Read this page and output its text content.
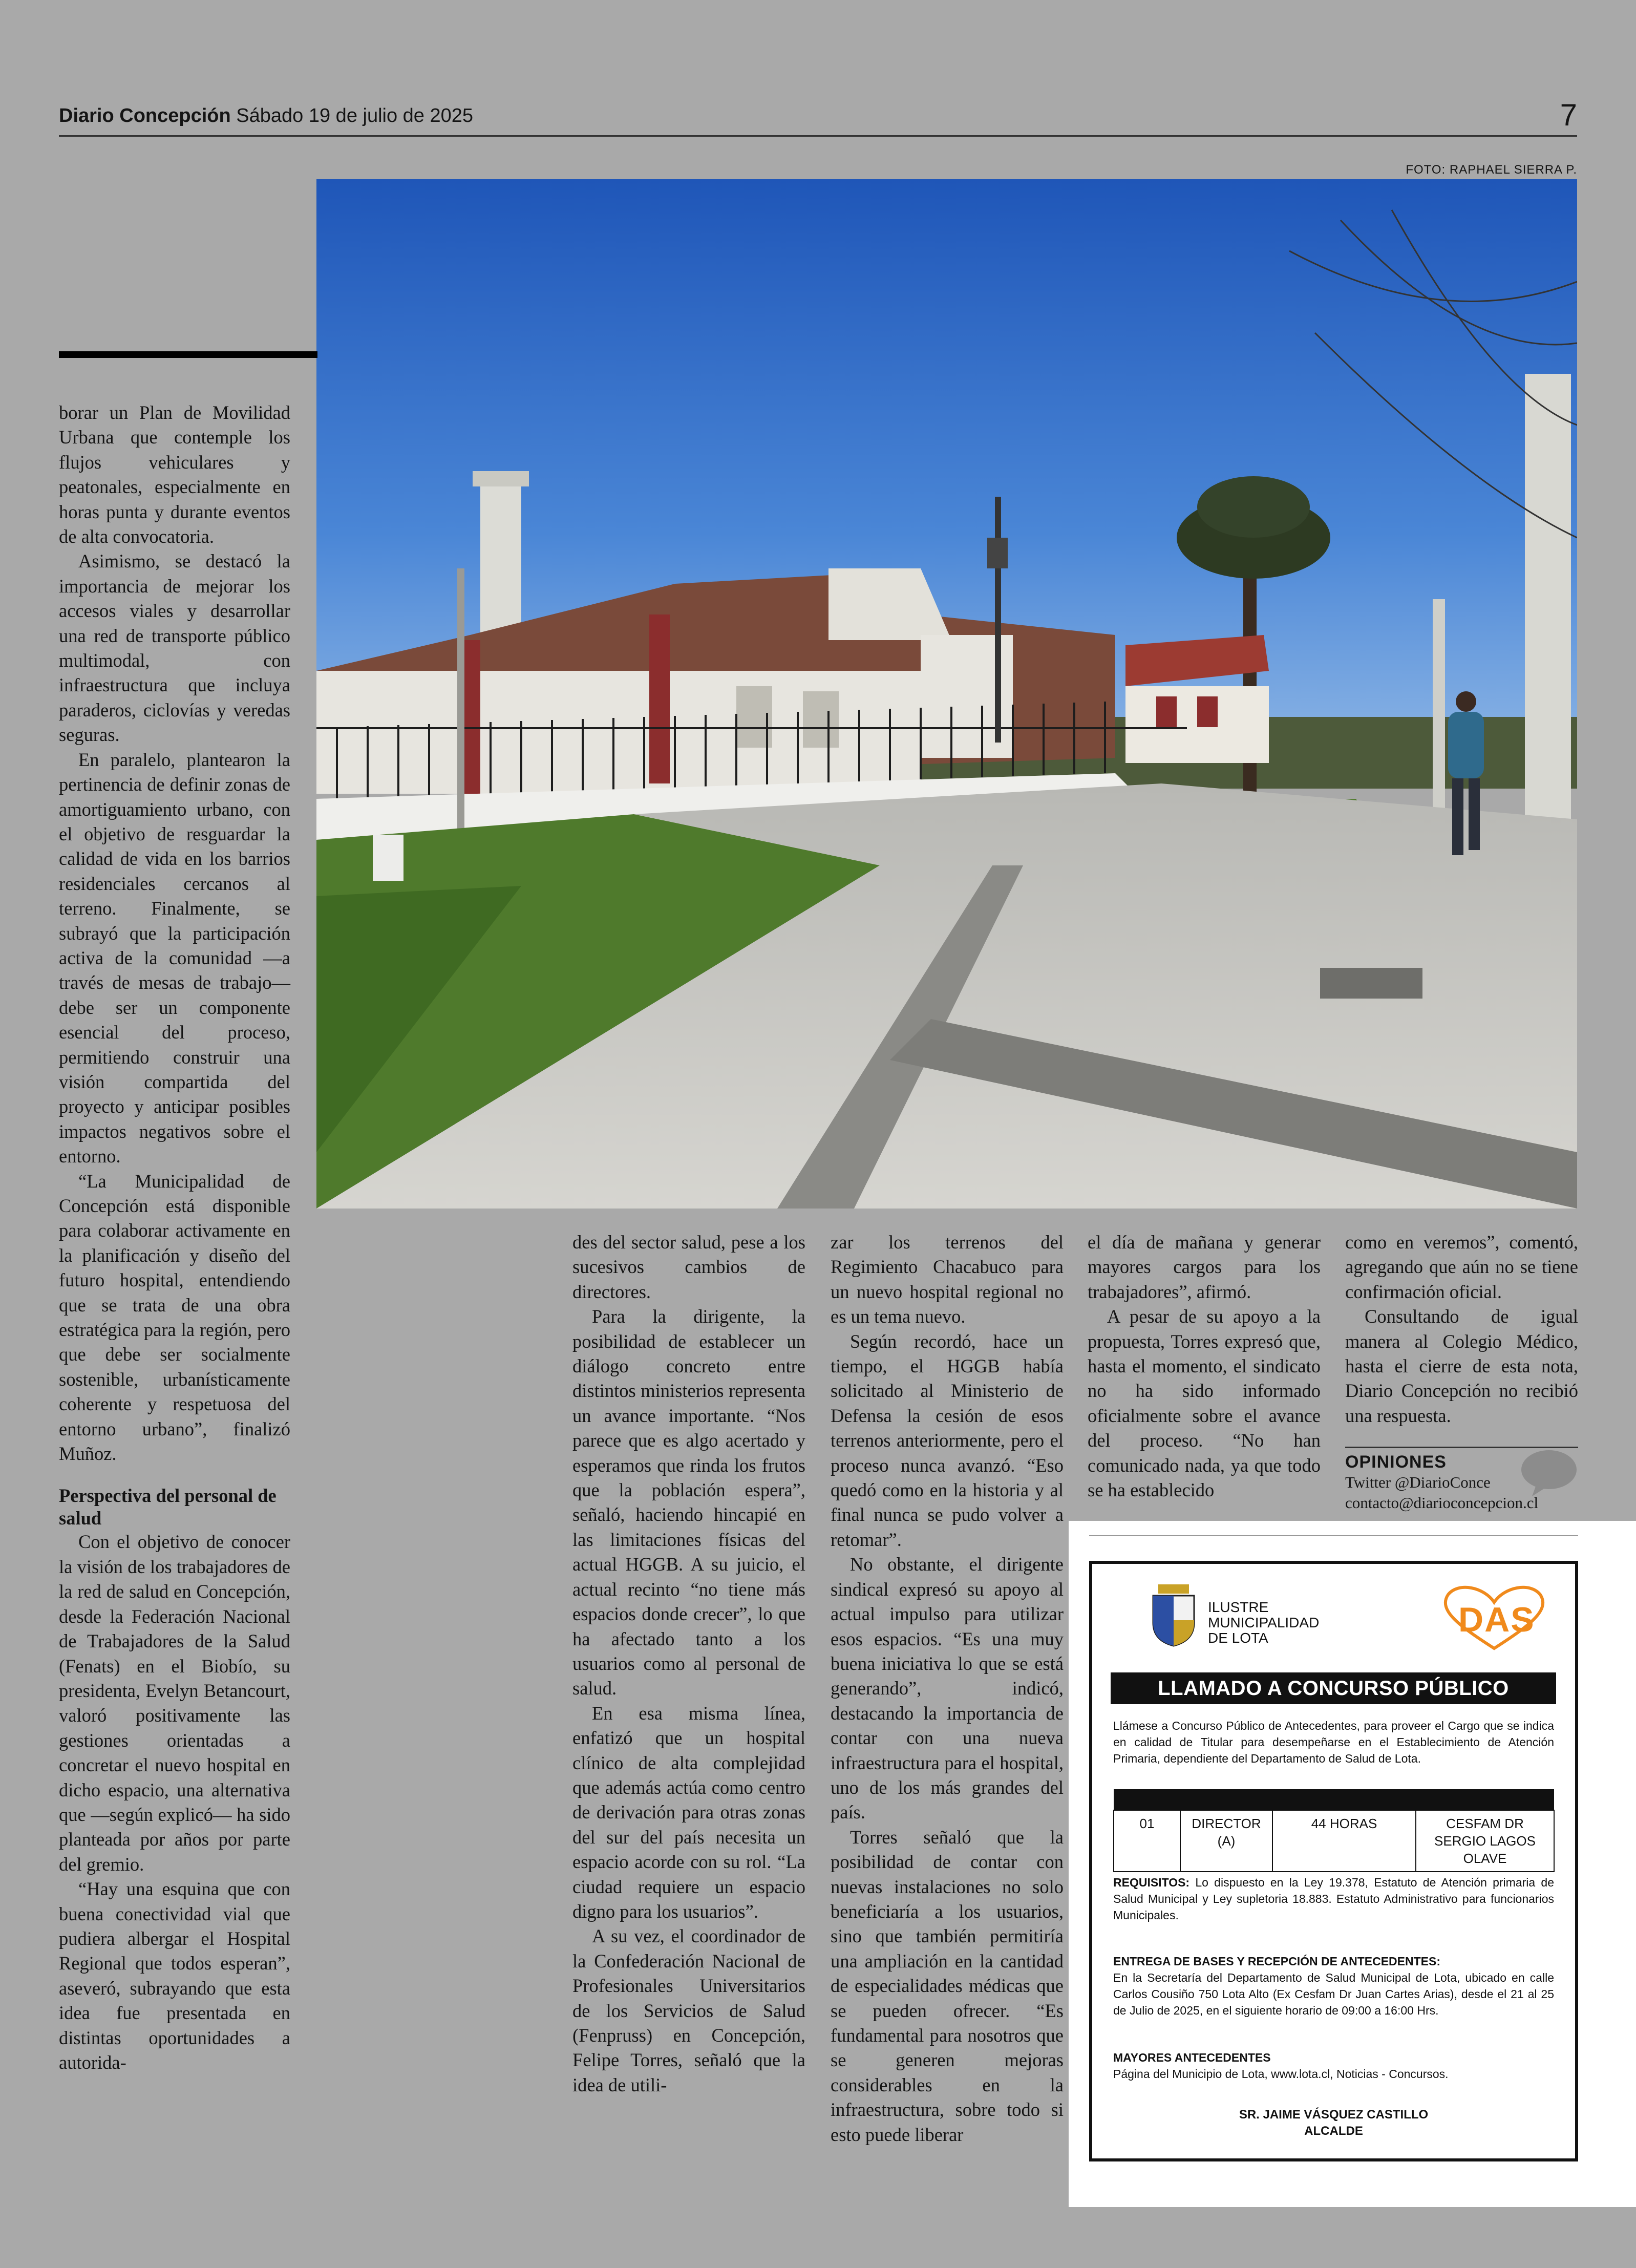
Diario Concepción Sábado 19 de julio de 2025	7
FOTO: RAPHAEL SIERRA P.

borar un Plan de Movilidad Urbana que contemple los flujos vehiculares y peatonales, especialmente en horas punta y durante eventos de alta convocatoria.

Asimismo, se destacó la importancia de mejorar los accesos viales y desarrollar una red de transporte público multimodal, con infraestructura que incluya paraderos, ciclovías y veredas seguras.

En paralelo, plantearon la pertinencia de definir zonas de amortiguamiento urbano, con el objetivo de resguardar la calidad de vida en los barrios residenciales cercanos al terreno. Finalmente, se subrayó que la participación activa de la comunidad —a través de mesas de trabajo— debe ser un componente esencial del proceso, permitiendo construir una visión compartida del proyecto y anticipar posibles impactos negativos sobre el entorno.

“La Municipalidad de Concepción está disponible para colaborar activamente en la planificación y diseño del futuro hospital, entendiendo que se trata de una obra estratégica para la región, pero que debe ser socialmente sostenible, urbanísticamente coherente y respetuosa del entorno urbano”, finalizó Muñoz.

Perspectiva del personal de salud

Con el objetivo de conocer la visión de los trabajadores de la red de salud en Concepción, desde la Federación Nacional de Trabajadores de la Salud (Fenats) en el Biobío, su presidenta, Evelyn Betancourt, valoró positivamente las gestiones orientadas a concretar el nuevo hospital en dicho espacio, una alternativa que —según explicó— ha sido planteada por años por parte del gremio.

“Hay una esquina que con buena conectividad vial que pudiera albergar el Hospital Regional que todos esperan”, aseveró, subrayando que esta idea fue presentada en distintas oportunidades a autorida-

des del sector salud, pese a los sucesivos cambios de directores.

Para la dirigente, la posibilidad de establecer un diálogo concreto entre distintos ministerios representa un avance importante. “Nos parece que es algo acertado y esperamos que rinda los frutos que la población espera”, señaló, haciendo hincapié en las limitaciones físicas del actual HGGB. A su juicio, el actual recinto “no tiene más espacios donde crecer”, lo que ha afectado tanto a los usuarios como al personal de salud.

En esa misma línea, enfatizó que un hospital clínico de alta complejidad que además actúa como centro de derivación para otras zonas del sur del país necesita un espacio acorde con su rol. “La ciudad requiere un espacio digno para los usuarios”.

A su vez, el coordinador de la Confederación Nacional de Profesionales Universitarios de los Servicios de Salud (Fenpruss) en Concepción, Felipe Torres, señaló que la idea de utili-

zar los terrenos del Regimiento Chacabuco para un nuevo hospital regional no es un tema nuevo.

Según recordó, hace un tiempo, el HGGB había solicitado al Ministerio de Defensa la cesión de esos terrenos anteriormente, pero el proceso nunca avanzó. “Eso quedó como en la historia y al final nunca se pudo volver a retomar”.

No obstante, el dirigente sindical expresó su apoyo al actual impulso para utilizar esos espacios. “Es una muy buena iniciativa lo que se está generando”, indicó, destacando la importancia de contar con una nueva infraestructura para el hospital, uno de los más grandes del país.

Torres señaló que la posibilidad de contar con nuevas instalaciones no solo beneficiaría a los usuarios, sino que también permitiría una ampliación en la cantidad de especialidades médicas que se pueden ofrecer. “Es fundamental para nosotros que se generen mejoras considerables en la infraestructura, sobre todo si esto puede liberar

el día de mañana y generar mayores cargos para los trabajadores”, afirmó.

A pesar de su apoyo a la propuesta, Torres expresó que, hasta el momento, el sindicato no ha sido informado oficialmente sobre el avance del proceso. “No han comunicado nada, ya que todo se ha establecido

como en veremos”, comentó, agregando que aún no se tiene confirmación oficial.

Consultando de igual manera al Colegio Médico, hasta el cierre de esta nota, Diario Concepción no recibió una respuesta.

OPINIONES
Twitter @DiarioConce
contacto@diarioconcepcion.cl
ILUSTRE
MUNICIPALIDAD
DE LOTA	DAS
LLAMADO A CONCURSO PÚBLICO
Llámese a Concurso Público de Antecedentes, para proveer el Cargo que se indica en calidad de Titular para desempeñarse en el Establecimiento de Atención Primaria, dependiente del Departamento de Salud de Lota.

01	DIRECTOR (A)	44 HORAS	CESFAM DR SERGIO LAGOS OLAVE
REQUISITOS: Lo dispuesto en la Ley 19.378, Estatuto de Atención primaria de Salud Municipal y Ley supletoria 18.883. Estatuto Administrativo para funcionarios Municipales.
ENTREGA DE BASES Y RECEPCIÓN DE ANTECEDENTES:
En la Secretaría del Departamento de Salud Municipal de Lota, ubicado en calle Carlos Cousiño 750 Lota Alto (Ex Cesfam Dr Juan Cartes Arias), desde el 21 al 25 de Julio de 2025, en el siguiente horario de 09:00 a 16:00 Hrs.
MAYORES ANTECEDENTES
Página del Municipio de Lota, www.lota.cl, Noticias - Concursos.
SR. JAIME VÁSQUEZ CASTILLO
ALCALDE
